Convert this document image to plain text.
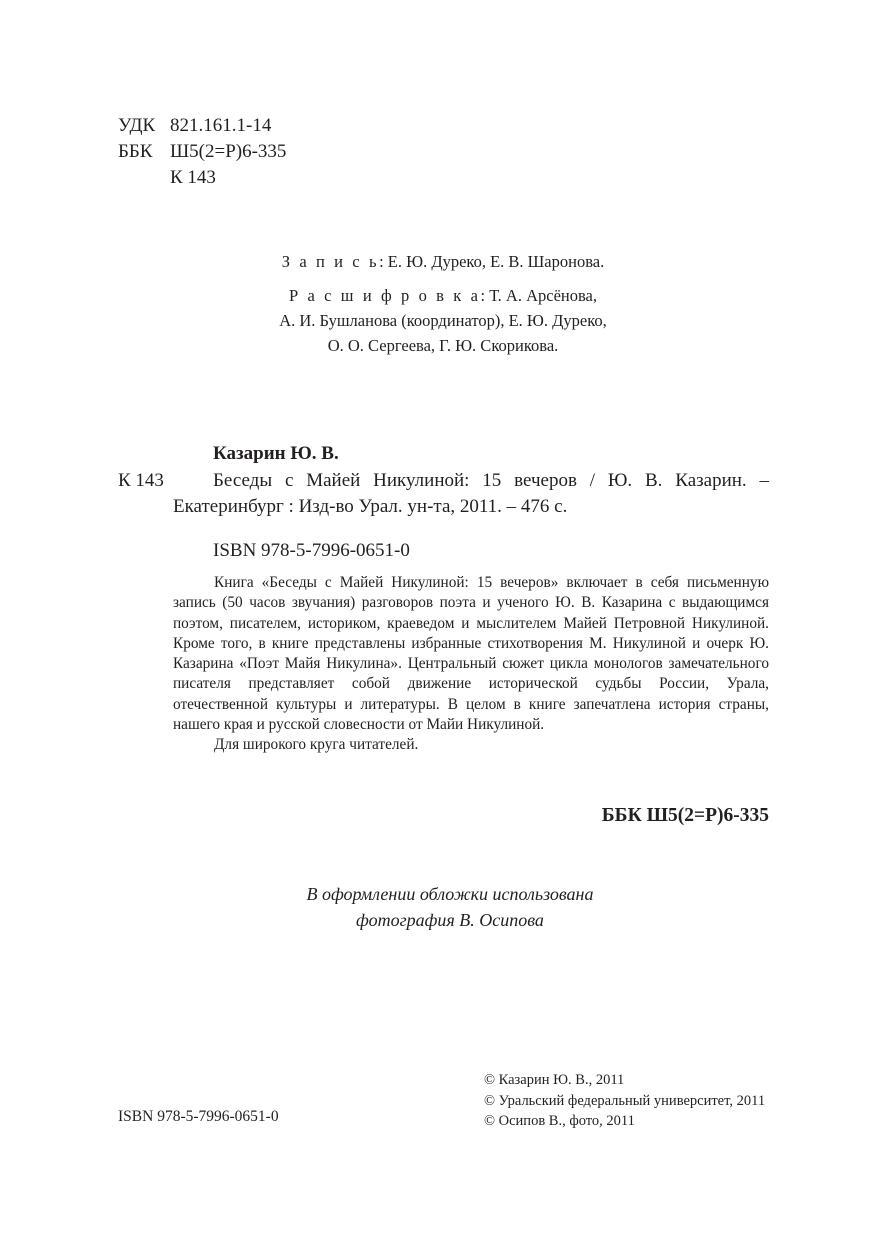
УДК 821.161.1-14
ББК Ш5(2=Р)6-335
К 143

З а п и с ь: Е. Ю. Дуреко, Е. В. Шаронова.

Р а с ш и ф р о в к а: Т. А. Арсёнова,

А. И. Бушланова (координатор), Е. Ю. Дуреко,

О. О. Сергеева, Г. Ю. Скорикова.

Казарин Ю. В.
К 143	Беседы с Майей Никулиной: 15 вечеров / Ю. В. Казарин. –
Екатеринбург : Изд-во Урал. ун-та, 2011. – 476 с.
ISBN 978-5-7996-0651-0

Книга «Беседы с Майей Никулиной: 15 вечеров» включает в себя письменную запись (50 часов звучания) разговоров поэта и ученого Ю. В. Казарина с выдающимся поэтом, писателем, историком, краеведом и мыслителем Майей Петровной Никулиной. Кроме того, в книге представлены избранные стихотворения М. Никулиной и очерк Ю. Казарина «Поэт Майя Никулина». Центральный сюжет цикла монологов замечательного писателя представляет собой движение исторической судьбы России, Урала, отечественной культуры и литературы. В целом в книге запечатлена история страны, нашего края и русской словесности от Майи Никулиной.

Для широкого круга читателей.

ББК Ш5(2=Р)6-335

В оформлении обложки использована

фотография В. Осипова

© Казарин Ю. В., 2011

© Уральский федеральный университет, 2011

© Осипов В., фото, 2011

ISBN 978-5-7996-0651-0
